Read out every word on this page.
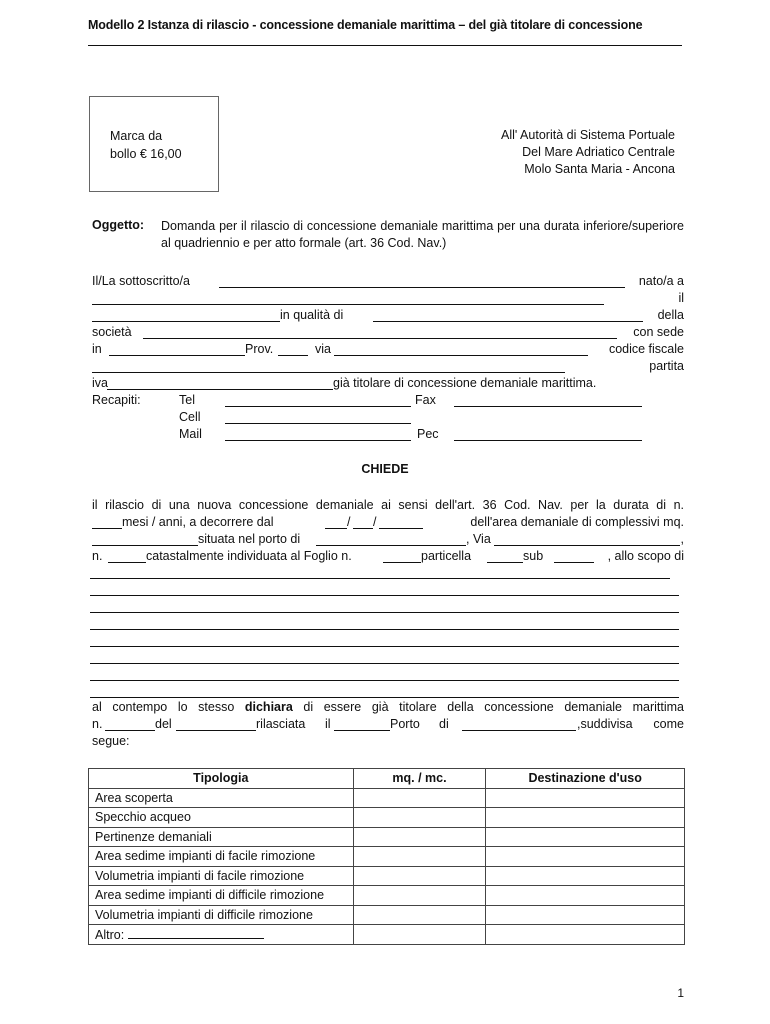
Modello 2 Istanza di rilascio - concessione demaniale marittima – del già titolare di concessione
Marca da
bollo € 16,00
All' Autorità di Sistema Portuale
Del Mare Adriatico Centrale
Molo Santa Maria - Ancona
Oggetto: Domanda per il rilascio di concessione demaniale marittima per una durata inferiore/superiore al quadriennio e per atto formale (art. 36 Cod. Nav.)
Il/La sottoscritto/a	nato/a a
il
in qualità di	della
società	con sede
in	Prov.	via	codice fiscale
partita
iva	già titolare di concessione demaniale marittima.
Recapiti:	Tel	Fax
Cell
Mail	Pec
CHIEDE
il rilascio di una nuova concessione demaniale ai sensi dell'art. 36 Cod. Nav. per la durata di n.
mesi / anni, a decorrere dal	/ /	dell'area demaniale di complessivi mq.
situata nel porto di	, Via	,
n.	catastalmente individuata al Foglio n.	particella	sub	, allo scopo di
al contempo lo stesso dichiara di essere già titolare della concessione demaniale marittima
n.	del	rilasciata il	Porto di	,suddivisa come
segue:
Tipologia	mq. / mc.	Destinazione d'uso
Area scoperta		
Specchio acqueo		
Pertinenze demaniali		
Area sedime impianti di facile rimozione		
Volumetria impianti di facile rimozione		
Area sedime impianti di difficile rimozione		
Volumetria impianti di difficile rimozione		
Altro:		
1
